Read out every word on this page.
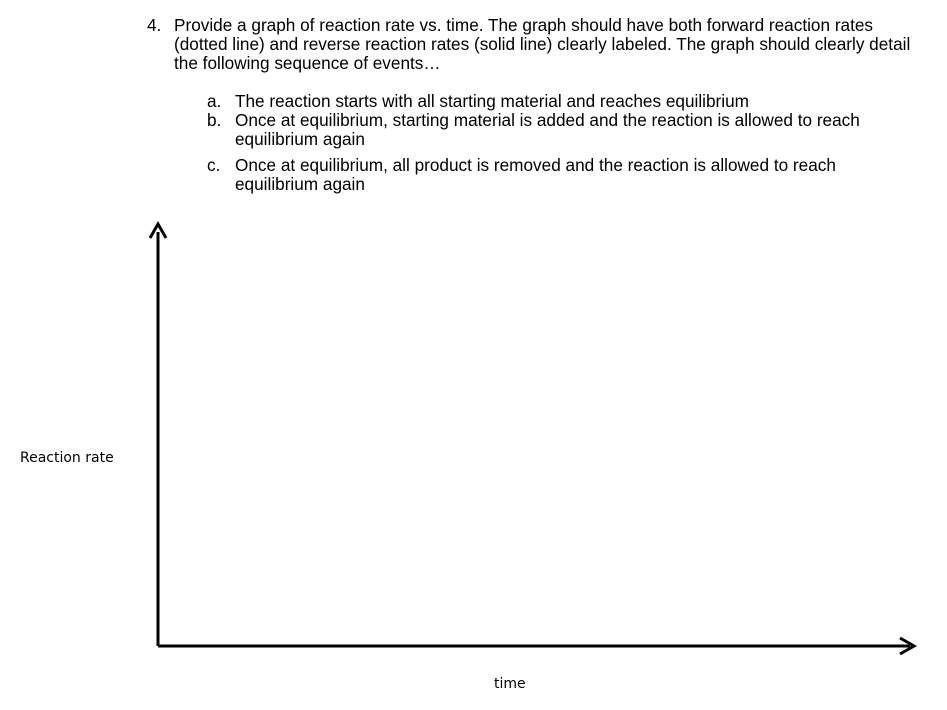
4. Provide a graph of reaction rate vs. time. The graph should have both forward reaction rates (dotted line) and reverse reaction rates (solid line) clearly labeled. The graph should clearly detail the following sequence of events…
a. The reaction starts with all starting material and reaches equilibrium
b. Once at equilibrium, starting material is added and the reaction is allowed to reach equilibrium again
c. Once at equilibrium, all product is removed and the reaction is allowed to reach equilibrium again
Reaction rate
time
